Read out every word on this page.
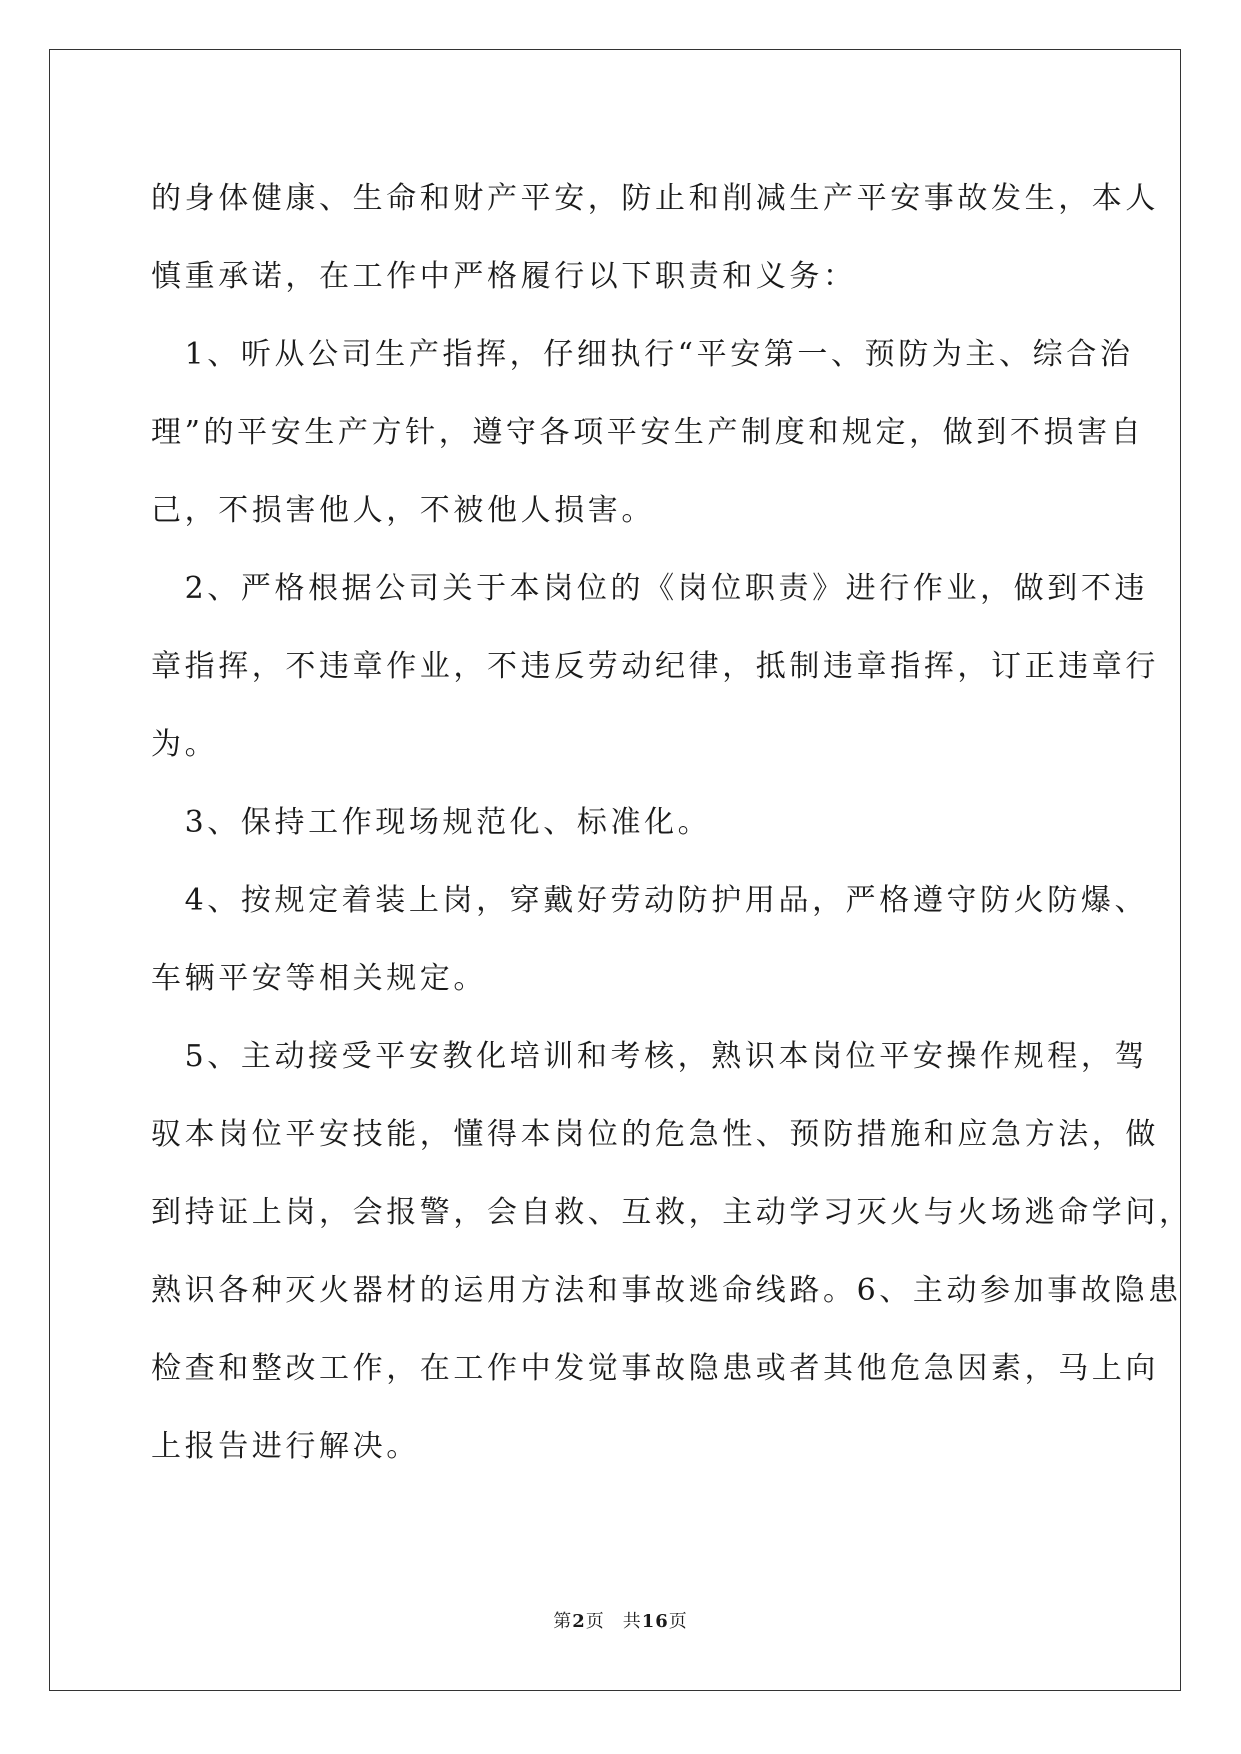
的身体健康、生命和财产平安，防止和削减生产平安事故发生，本人
慎重承诺，在工作中严格履行以下职责和义务：
　1、听从公司生产指挥，仔细执行“平安第一、预防为主、综合治
理”的平安生产方针，遵守各项平安生产制度和规定，做到不损害自
己，不损害他人，不被他人损害。
　2、严格根据公司关于本岗位的《岗位职责》进行作业，做到不违
章指挥，不违章作业，不违反劳动纪律，抵制违章指挥，订正违章行
为。
　3、保持工作现场规范化、标准化。
　4、按规定着装上岗，穿戴好劳动防护用品，严格遵守防火防爆、
车辆平安等相关规定。
　5、主动接受平安教化培训和考核，熟识本岗位平安操作规程，驾
驭本岗位平安技能，懂得本岗位的危急性、预防措施和应急方法，做
到持证上岗，会报警，会自救、互救，主动学习灭火与火场逃命学问，
熟识各种灭火器材的运用方法和事故逃命线路。6、主动参加事故隐患
检查和整改工作，在工作中发觉事故隐患或者其他危急因素，马上向
上报告进行解决。
第2页 共16页
